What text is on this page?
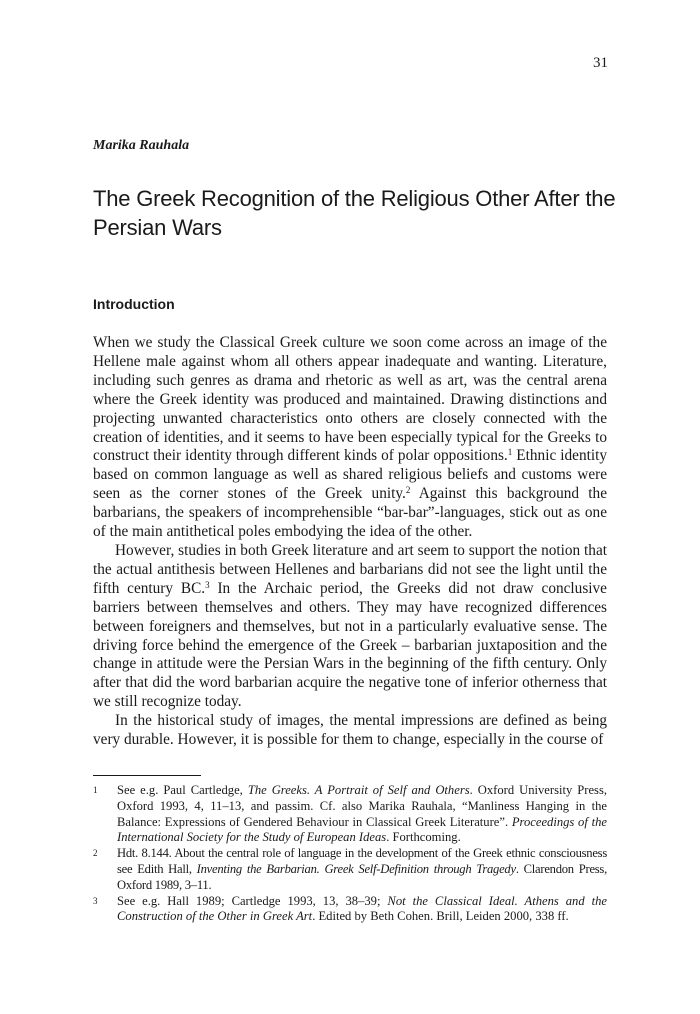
31
Marika Rauhala
The Greek Recognition of the Religious Other After the Persian Wars
Introduction

When we study the Classical Greek culture we soon come across an image of the Hellene male against whom all others appear inadequate and wanting. Literature, including such genres as drama and rhetoric as well as art, was the central arena where the Greek identity was produced and maintained. Drawing distinctions and projecting unwanted characteristics onto others are closely connected with the creation of identities, and it seems to have been especially typical for the Greeks to construct their identity through different kinds of polar oppositions.$^1$ Ethnic identity based on common language as well as shared religious beliefs and customs were seen as the corner stones of the Greek unity.$^2$ Against this background the barbarians, the speakers of incomprehensible “bar-bar”-languages, stick out as one of the main antithetical poles embodying the idea of the other.

However, studies in both Greek literature and art seem to support the notion that the actual antithesis between Hellenes and barbarians did not see the light until the fifth century BC.$^3$ In the Archaic period, the Greeks did not draw conclusive barriers between themselves and others. They may have recognized differences between foreigners and themselves, but not in a particularly evaluative sense. The driving force behind the emergence of the Greek – barbarian juxtaposition and the change in attitude were the Persian Wars in the beginning of the fifth century. Only after that did the word barbarian acquire the negative tone of inferior otherness that we still recognize today.

In the historical study of images, the mental impressions are defined as being very durable. However, it is possible for them to change, especially in the course of

1	See e.g. Paul Cartledge, The Greeks. A Portrait of Self and Others. Oxford University Press, Oxford 1993, 4, 11–13, and passim. Cf. also Marika Rauhala, “Manliness Hanging in the Balance: Expressions of Gendered Behaviour in Classical Greek Literature”. Proceedings of the International Society for the Study of European Ideas. Forthcoming.
2	Hdt. 8.144. About the central role of language in the development of the Greek ethnic consciousness see Edith Hall, Inventing the Barbarian. Greek Self-Definition through Tragedy. Clarendon Press, Oxford 1989, 3–11.
3	See e.g. Hall 1989; Cartledge 1993, 13, 38–39; Not the Classical Ideal. Athens and the Construction of the Other in Greek Art. Edited by Beth Cohen. Brill, Leiden 2000, 338 ff.
